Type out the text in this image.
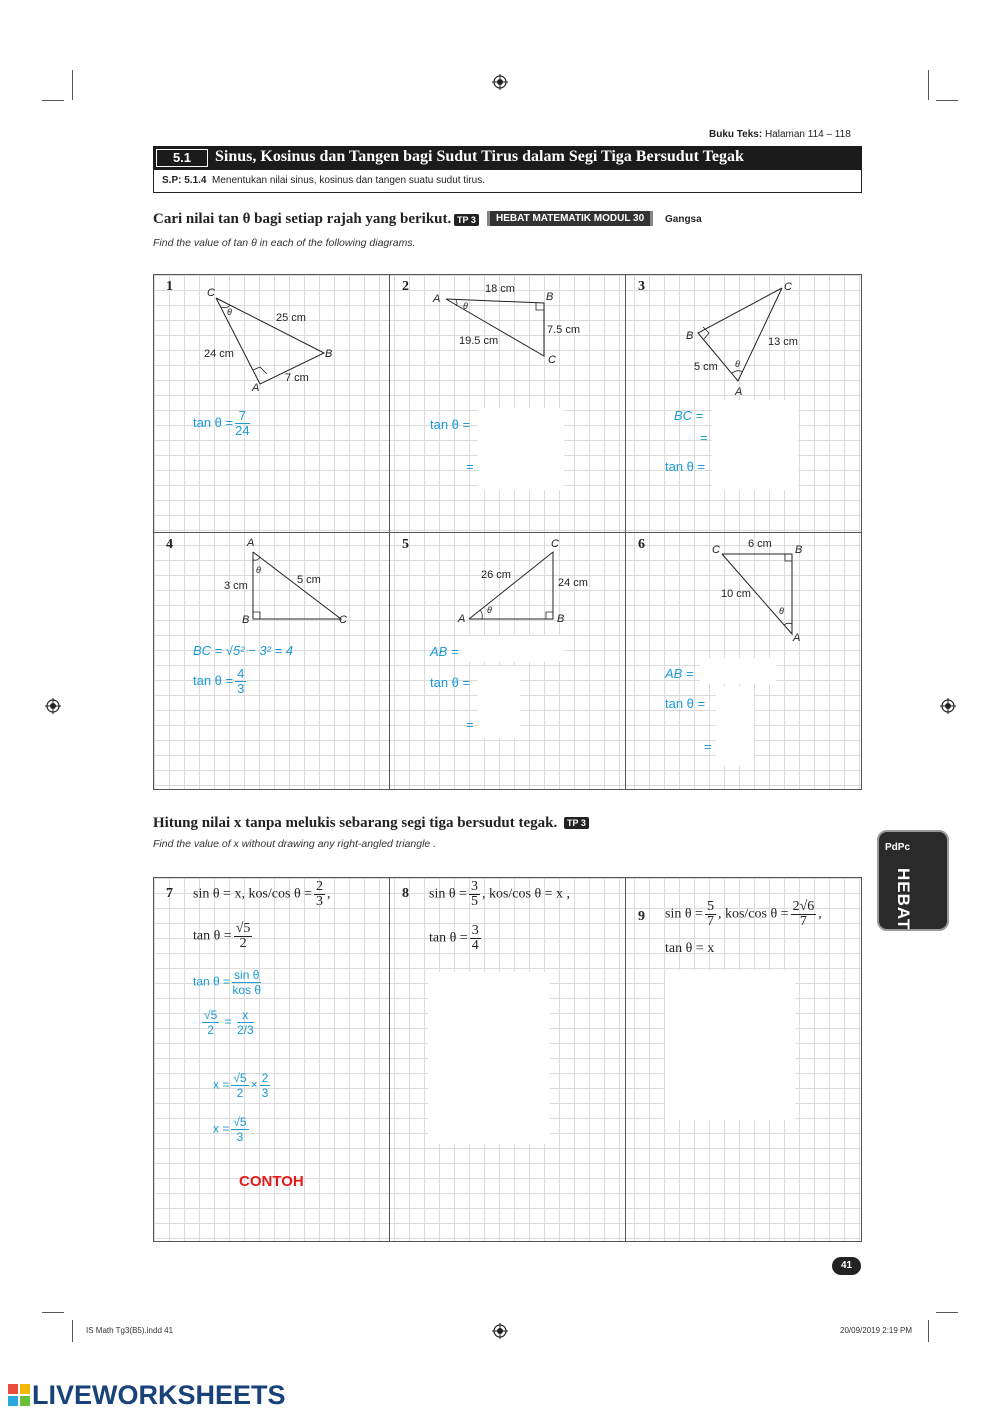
Buku Teks: Halaman 114 – 118
5.1	Sinus, Kosinus dan Tangen bagi Sudut Tirus dalam Segi Tiga Bersudut Tegak
S.P: 5.1.4 Menentukan nilai sinus, kosinus dan tangen suatu sudut tirus.
Cari nilai tan θ bagi setiap rajah yang berikut. TP 3	HEBAT MATEMATIK MODUL 30	Gangsa
Find the value of tan θ in each of the following diagrams.
1	C
θ	25 cm
24 cm	B
7 cm
A
$\tan \theta = \frac{7}{24}$
2	18 cm
A
θ
B
7.5 cm
19.5 cm
C
tan θ =
=
3	C
B	13 cm
5 cm θ
A
BC =
=
tan θ =
4	A
θ
5 cm
3 cm
B	C
BC = √5² − 3² = 4
$\tan \theta = \frac{4}{3}$
5	C
26 cm
24 cm
θ
A	B
AB =
tan θ =
=
6	6 cm
C	B
10 cm
θ
A
AB =
tan θ =
=
Hitung nilai x tanpa melukis sebarang segi tiga bersudut tegak.	TP 3
Find the value of x without drawing any right-angled triangle .
7 sin θ = x, kos/cos $\theta = \frac{2}{3}$ ,
$\tan \theta = \frac{√5}{2}$
$\tan \theta = \frac{\text{sin θ}}{\text{kos θ}}$
$\frac{√5}{2} = \frac{x}{2/3}$
$x = \frac{√5}{2} \times \frac{2}{3}$
$x = \frac{√5}{3}$
CONTOH
8 $\sin \theta = \frac{3}{5}$ , kos/cos θ = x ,
$\tan \theta = \frac{3}{4}$
9 $\sin \theta = \frac{5}{7}$ , kos/cos $\theta = \frac{2√6}{7}$ ,
tan θ = x
PdPc
HEBAT
41
IS Math Tg3(B5).indd 41	20/09/2019 2:19 PM
LIVEWORKSHEETS
